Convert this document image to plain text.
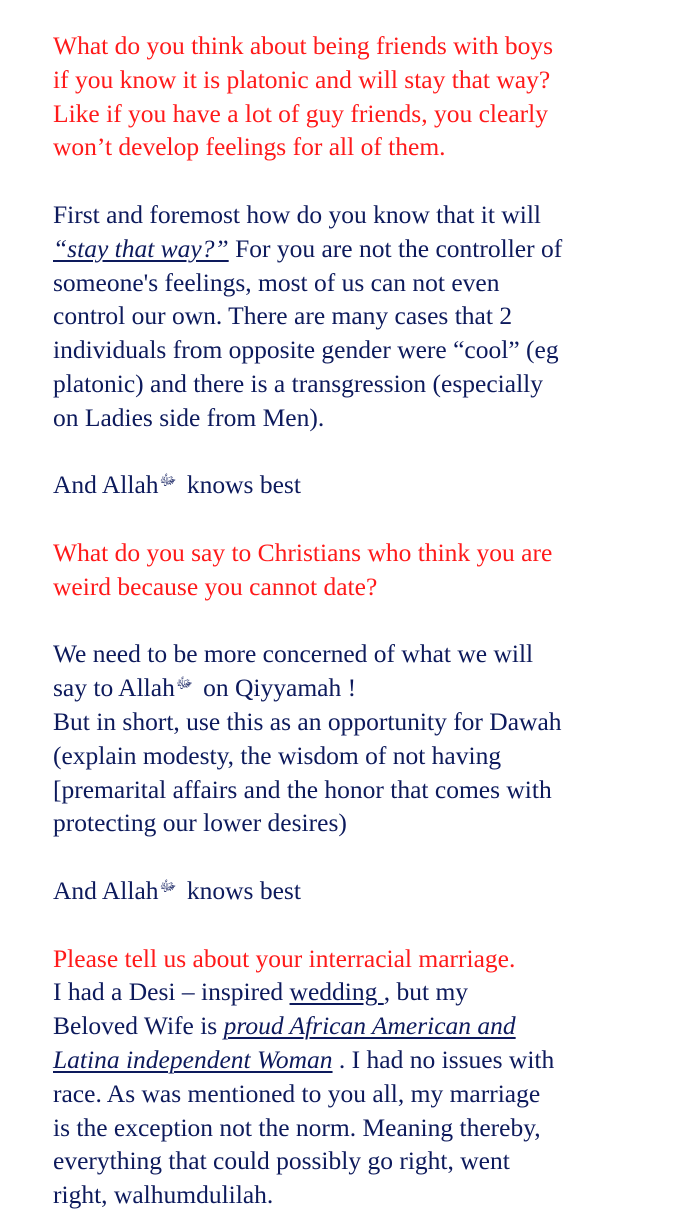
What do you think about being friends with boys

if you know it is platonic and will stay that way?

Like if you have a lot of guy friends, you clearly

won’t develop feelings for all of them.

First and foremost how do you know that it will

“stay that way?” For you are not the controller of

someone's feelings, most of us can not even

control our own. There are many cases that 2

individuals from opposite gender were “cool” (eg

platonic) and there is a transgression (especially

on Ladies side from Men).

And Allahﷻ knows best

What do you say to Christians who think you are

weird because you cannot date?

We need to be more concerned of what we will

say to Allahﷻ on Qiyyamah !

But in short, use this as an opportunity for Dawah

(explain modesty, the wisdom of not having

[premarital affairs and the honor that comes with

protecting our lower desires)

And Allahﷻ knows best

Please tell us about your interracial marriage.

I had a Desi – inspired wedding , but my

Beloved Wife is proud African American and

Latina independent Woman . I had no issues with

race. As was mentioned to you all, my marriage

is the exception not the norm. Meaning thereby,

everything that could possibly go right, went

right, walhumdulilah.
